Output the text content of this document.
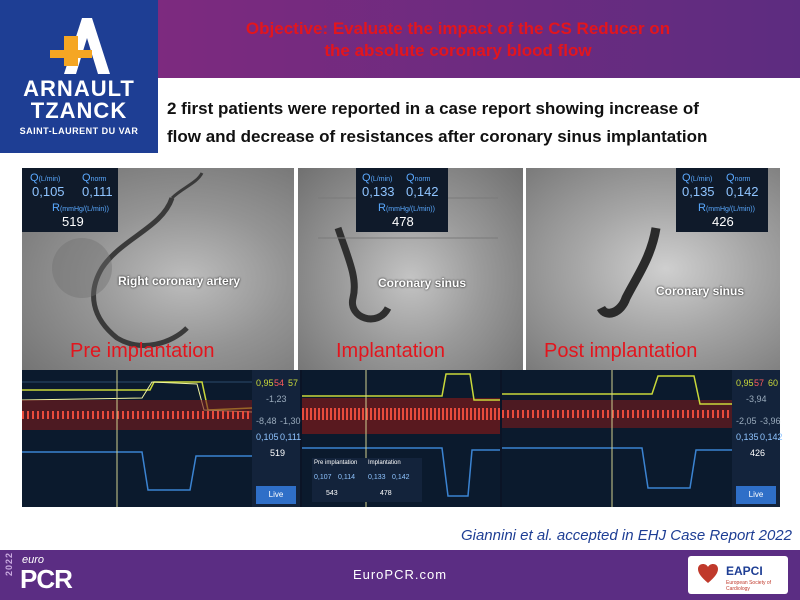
ARNAULT
TZANCK
SAINT-LAURENT DU VAR
Objective: Evaluate the impact of the CS Reducer on
the absolute coronary blood flow
2 first patients were reported in a case report showing increase of
flow and decrease of resistances after coronary sinus implantation
Q(L/min) Qnorm
0,105 0,111
R(mmHg/(L/min))
519
Right coronary artery
Q(L/min) Qnorm
0,133 0,142
R(mmHg/(L/min))
478
Coronary sinus
Q(L/min) Qnorm
0,135 0,142
R(mmHg/(L/min))
426
Coronary sinus
Pre implantation	Implantation	Post implantation
0,95 54 57
-1,23
-8,48 -1,30
0,105 0,111
519
Live
Pre implantation Implantation
0,107 0,114 0,133 0,142
543	478
0,95 57 60
-3,94
-2,05 -3,96
0,135 0,142
426
Live
Giannini et al. accepted in EHJ Case Report 2022
2022 euro
PCR	EuroPCR.com	EAPCI
European Society of Cardiology
